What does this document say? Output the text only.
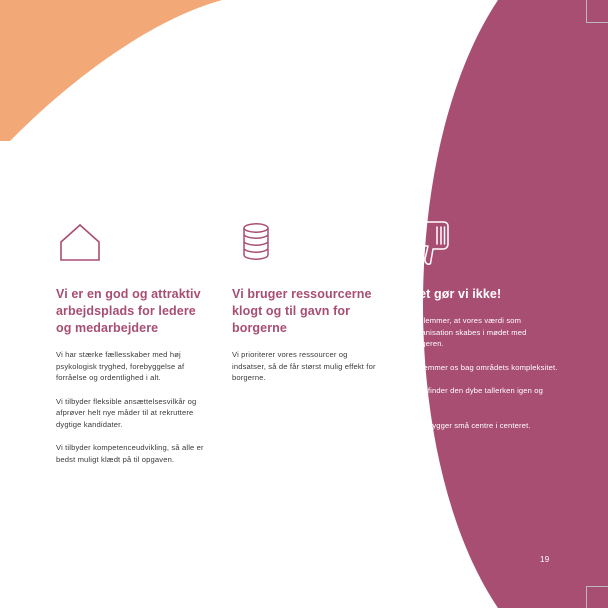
Vi er en god og attraktiv arbejdsplads for ledere og medarbejdere

Vi har stærke fællesskaber med høj psykologisk tryghed, forebyggelse af forråelse og ordentlighed i alt.

Vi tilbyder fleksible ansættelsesvilkår og afprøver helt nye måder til at rekruttere dygtige kandidater.

Vi tilbyder kompetenceudvikling, så alle er bedst muligt klædt på til opgaven.

Vi bruger ressourcerne klogt og til gavn for borgerne

Vi prioriterer vores ressourcer og indsatser, så de får størst mulig effekt for borgerne.

Det gør vi ikke!

Vi glemmer, at vores værdi som organisation skabes i mødet med borgeren.

Vi gemmer os bag områdets kompleksitet.

Vi opfinder den dybe tallerken igen og igen.

Vi opbygger små centre i centeret.

19
